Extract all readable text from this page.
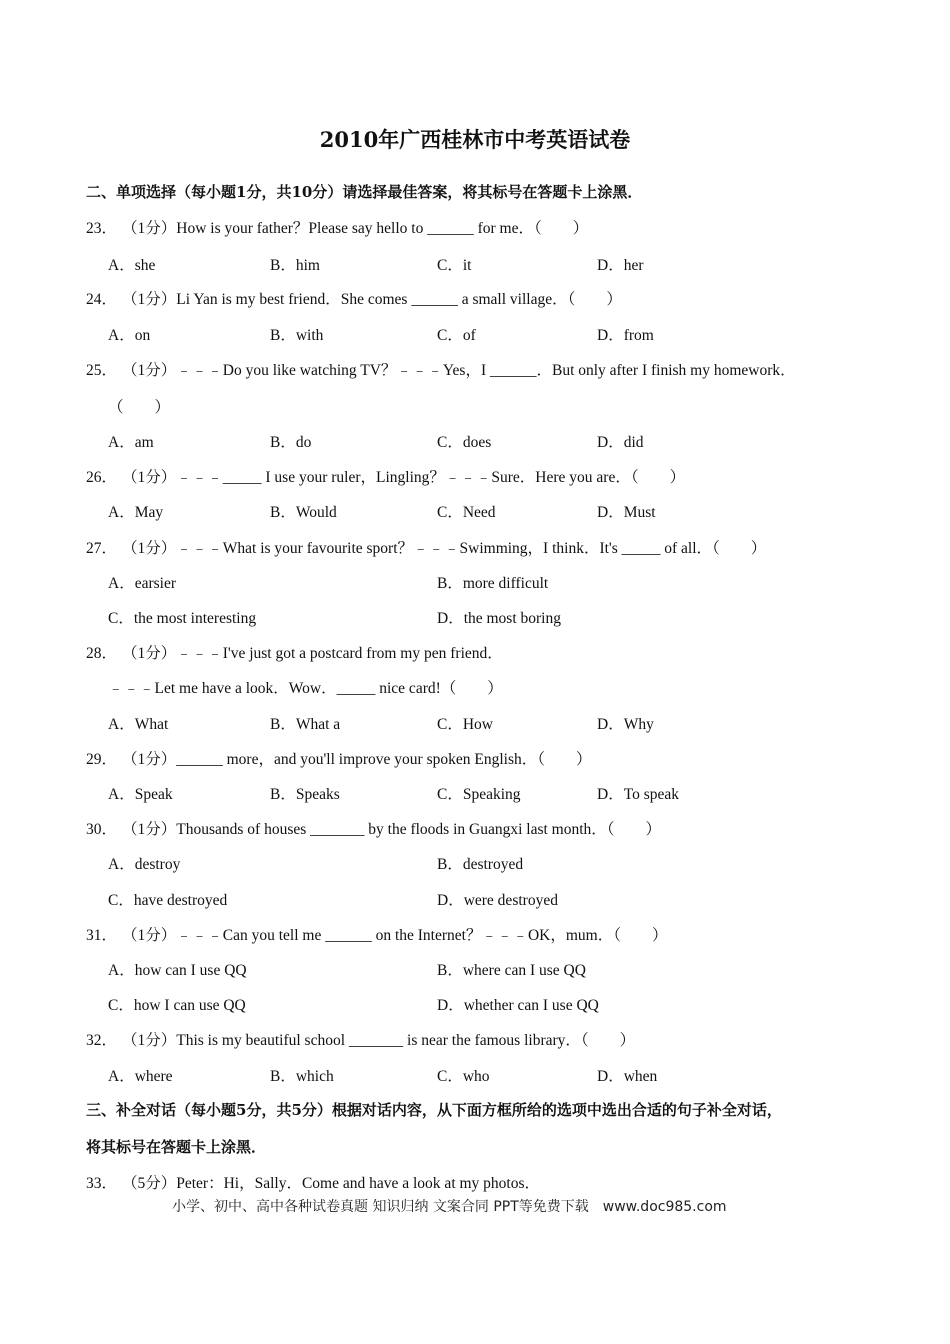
2010年广西桂林市中考英语试卷
二、单项选择（每小题1分，共10分）请选择最佳答案，将其标号在答题卡上涂黑．
23． （1分）How is your father？Please say hello to ______ for me．（　　）
A．she	B．him	C．it	D．her
24． （1分）Li Yan is my best friend．She comes ______ a small village．（　　）
A．on	B．with	C．of	D．from
25． （1分）﹣﹣﹣Do you like watching TV？﹣﹣﹣Yes，I ______．But only after I finish my homework．
（　　）
A．am	B．do	C．does	D．did
26． （1分）﹣﹣﹣_____ I use your ruler，Lingling？﹣﹣﹣Sure．Here you are．（　　）
A．May	B．Would	C．Need	D．Must
27． （1分）﹣﹣﹣What is your favourite sport？﹣﹣﹣Swimming，I think．It's _____ of all．（　　）
A．earsier	B．more difficult
C．the most interesting	D．the most boring
28． （1分）﹣﹣﹣I've just got a postcard from my pen friend．
﹣﹣﹣Let me have a look．Wow．_____ nice card!（　　）
A．What	B．What a	C．How	D．Why
29． （1分）______ more，and you'll improve your spoken English．（　　）
A．Speak	B．Speaks	C．Speaking	D．To speak
30． （1分）Thousands of houses _______ by the floods in Guangxi last month．（　　）
A．destroy	B．destroyed
C．have destroyed	D．were destroyed
31． （1分）﹣﹣﹣Can you tell me ______ on the Internet？﹣﹣﹣OK，mum．（　　）
A．how can I use QQ	B．where can I use QQ
C．how I can use QQ	D．whether can I use QQ
32． （1分）This is my beautiful school _______ is near the famous library．（　　）
A．where	B．which	C．who	D．when
三、补全对话（每小题5分，共5分）根据对话内容，从下面方框所给的选项中选出合适的句子补全对话，
将其标号在答题卡上涂黑．
33． （5分）Peter：Hi，Sally．Come and have a look at my photos．
小学、初中、高中各种试卷真题 知识归纳 文案合同 PPT等免费下载　www.doc985.com
